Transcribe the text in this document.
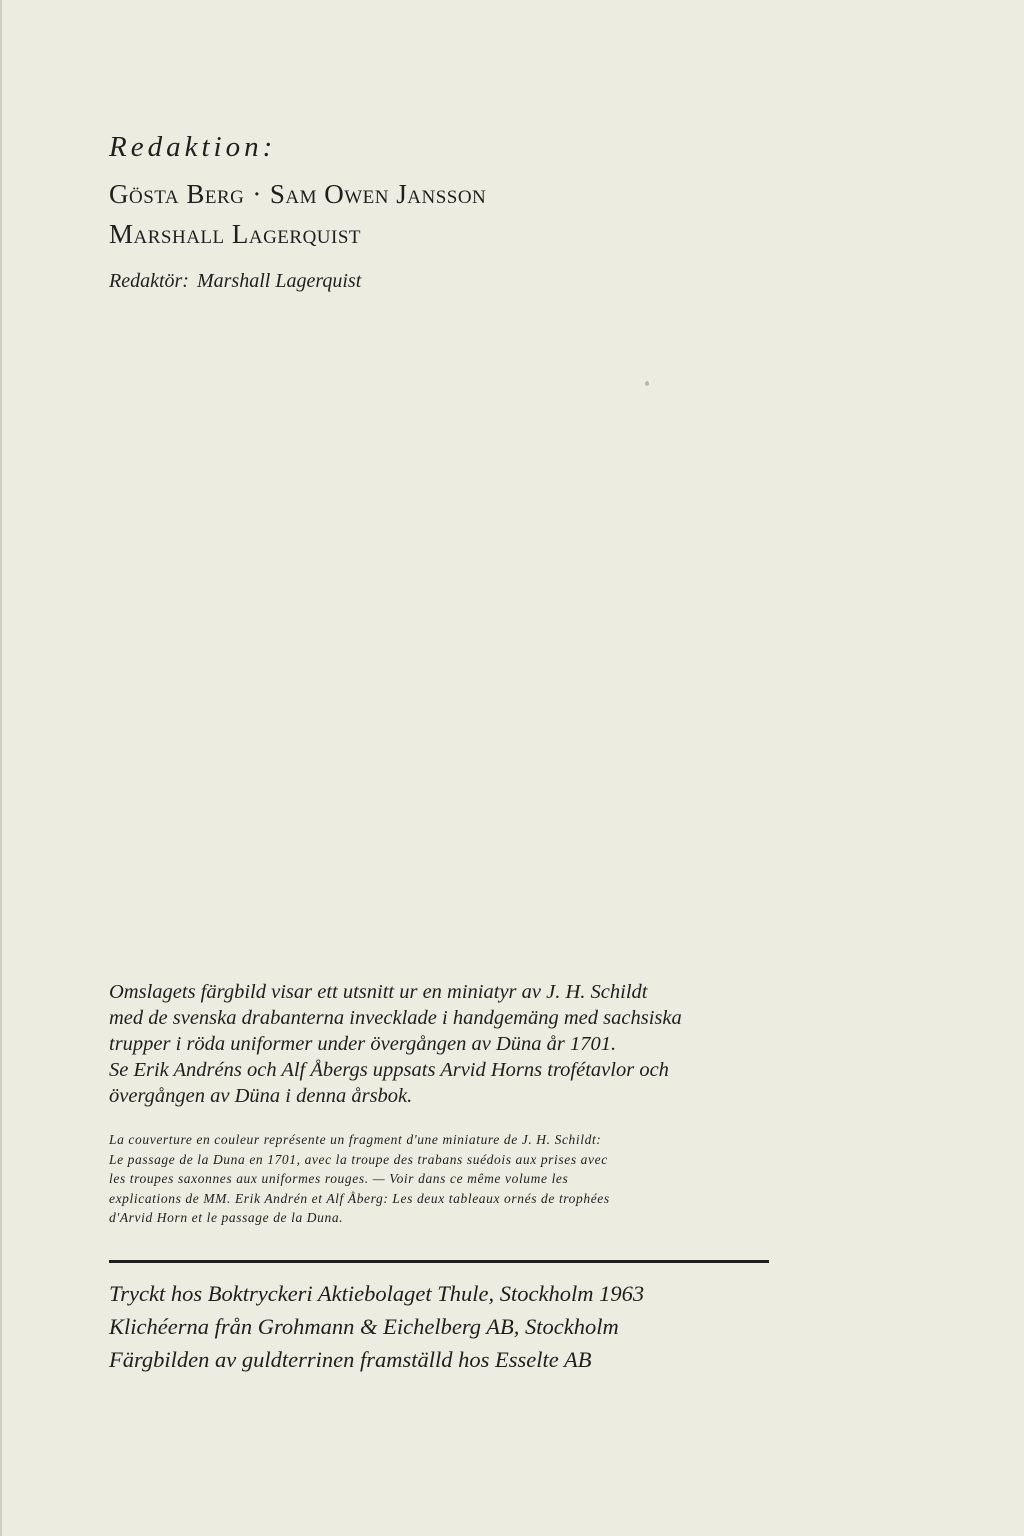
Redaktion:
Gösta Berg · Sam Owen Jansson
Marshall Lagerquist
Redaktör: Marshall Lagerquist
Omslagets färgbild visar ett utsnitt ur en miniatyr av J. H. Schildt
med de svenska drabanterna invecklade i handgemäng med sachsiska
trupper i röda uniformer under övergången av Düna år 1701.
Se Erik Andréns och Alf Åbergs uppsats Arvid Horns trofétavlor och
övergången av Düna i denna årsbok.
La couverture en couleur représente un fragment d'une miniature de J. H. Schildt:
Le passage de la Duna en 1701, avec la troupe des trabans suédois aux prises avec
les troupes saxonnes aux uniformes rouges. — Voir dans ce même volume les
explications de MM. Erik Andrén et Alf Åberg: Les deux tableaux ornés de trophées
d'Arvid Horn et le passage de la Duna.
Tryckt hos Boktryckeri Aktiebolaget Thule, Stockholm 1963
Klichéerna från Grohmann & Eichelberg AB, Stockholm
Färgbilden av guldterrinen framställd hos Esselte AB
